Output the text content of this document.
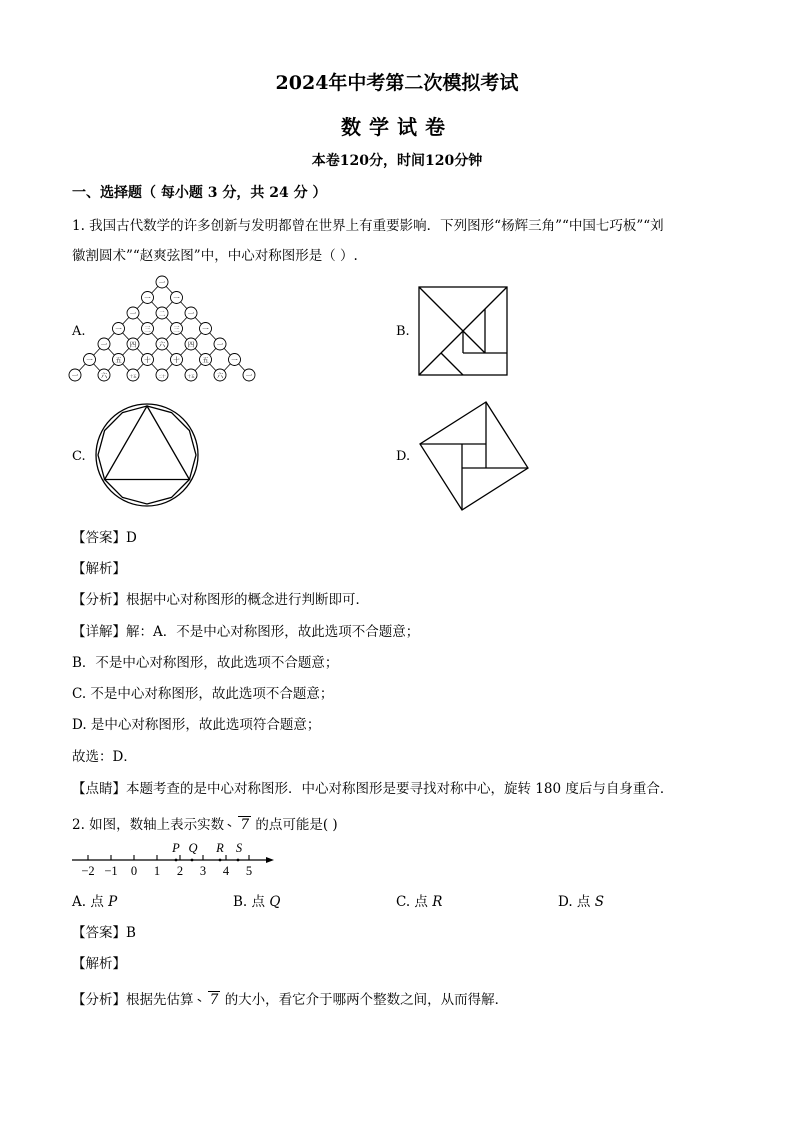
2024年中考第二次模拟考试
数学试卷
本卷120分，时间120分钟
一、选择题（ 每小题 3 分，共 24 分 ）
1. 我国古代数学的许多创新与发明都曾在世界上有重要影响．下列图形“杨辉三角”“中国七巧板”“刘
徽割圆术”“赵爽弦图”中，中心对称图形是（ ）.
A.	B.
C.	D.
一
一	一
一	二	一
一	三	三	一
一	四	六	四	一
一	五	十	十	五	一
一	六	十五	二十	十五	六	一
【答案】D
【解析】
【分析】根据中心对称图形的概念进行判断即可．
【详解】解：A．不是中心对称图形，故此选项不合题意；
B．不是中心对称图形，故此选项不合题意；
C. 不是中心对称图形，故此选项不合题意；
D. 是中心对称图形，故此选项符合题意；
故选：D．
【点睛】本题考查的是中心对称图形．中心对称图形是要寻找对称中心，旋转 180 度后与自身重合．
2. 如图，数轴上表示实数 7 的点可能是( )
P Q R S
−2 −1 0 1 2 3 4 5
A. 点 P	B. 点 Q	C. 点 R	D. 点 S
【答案】B
【解析】
【分析】根据先估算 7 的大小，看它介于哪两个整数之间，从而得解．
